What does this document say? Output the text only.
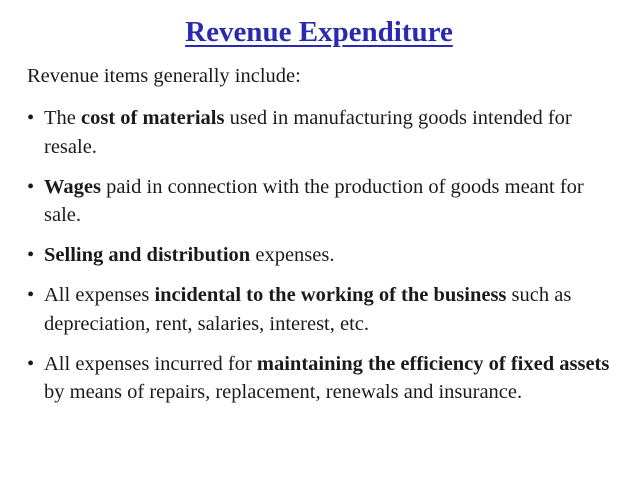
Revenue Expenditure

Revenue items generally include:

• The cost of materials used in manufacturing goods intended for resale.
• Wages paid in connection with the production of goods meant for sale.
• Selling and distribution expenses.
• All expenses incidental to the working of the business such as depreciation, rent, salaries, interest, etc.
• All expenses incurred for maintaining the efficiency of fixed assets by means of repairs, replacement, renewals and insurance.
